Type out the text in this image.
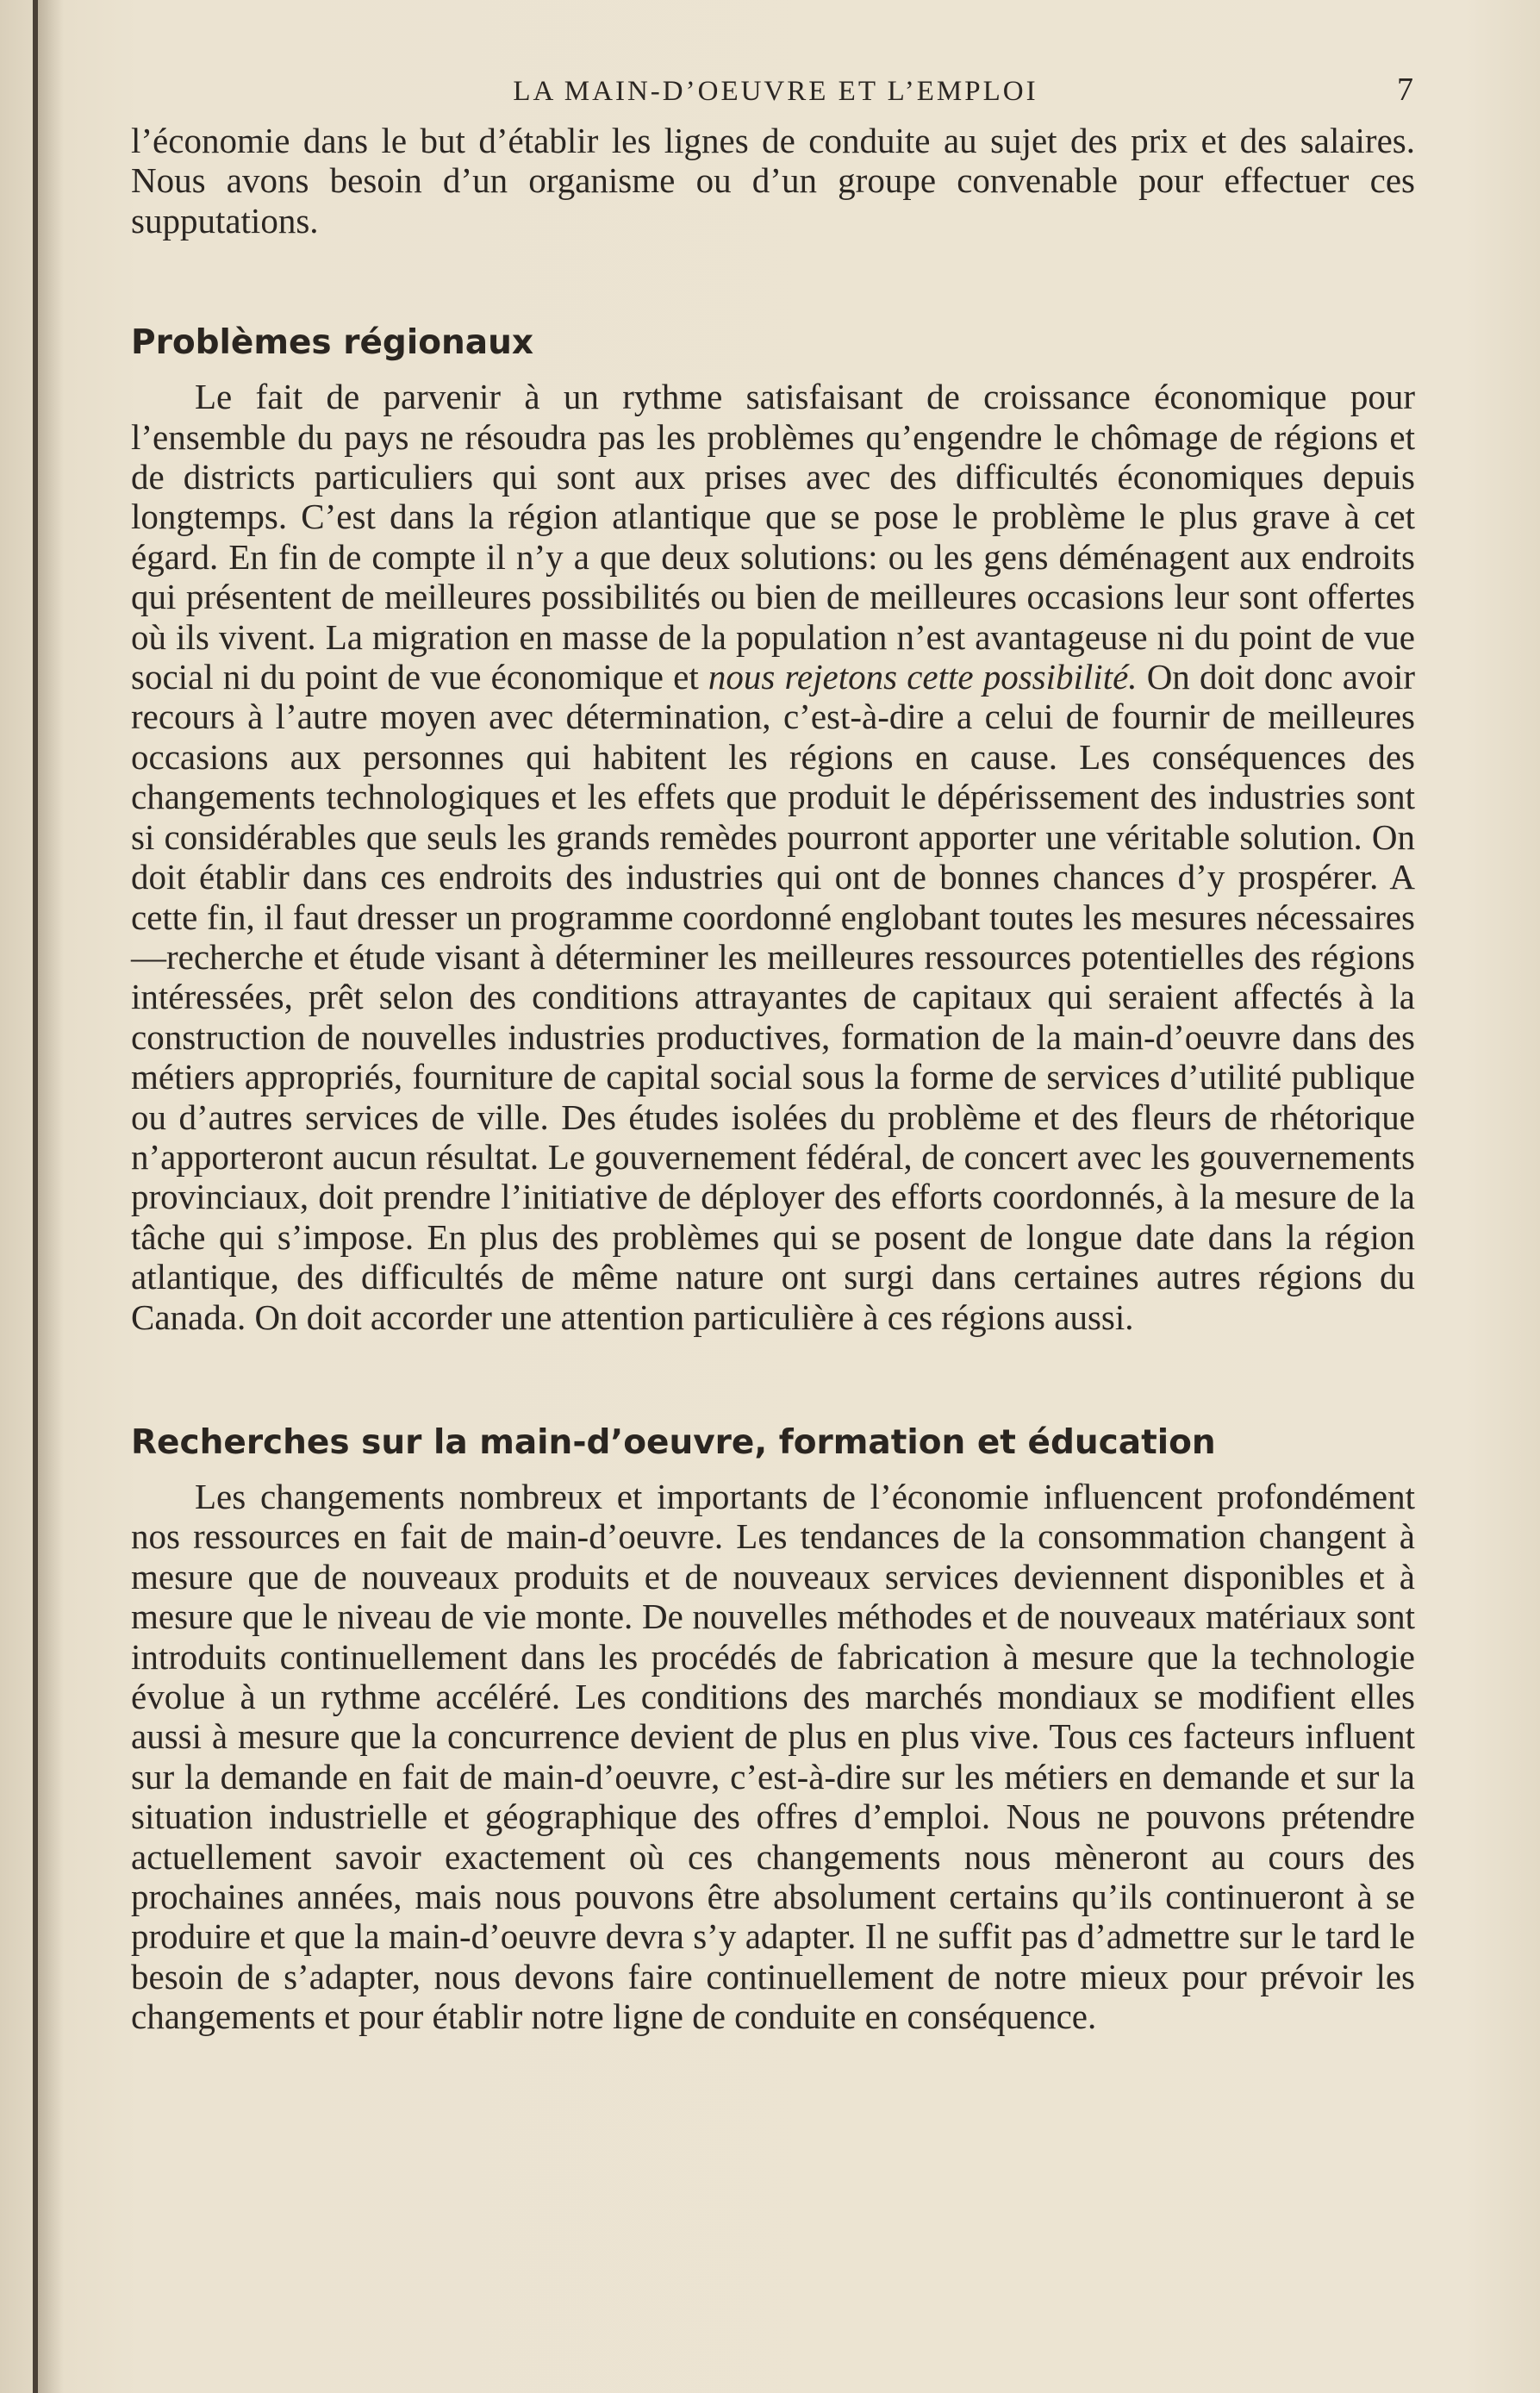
LA MAIN-D’OEUVRE ET L’EMPLOI	7

l’économie dans le but d’établir les lignes de conduite au sujet des prix et des salaires. Nous avons besoin d’un organisme ou d’un groupe convenable pour effectuer ces supputations.

Problèmes régionaux

Le fait de parvenir à un rythme satisfaisant de croissance économique pour l’ensemble du pays ne résoudra pas les problèmes qu’engendre le chômage de régions et de districts particuliers qui sont aux prises avec des difficultés économiques depuis longtemps. C’est dans la région atlantique que se pose le problème le plus grave à cet égard. En fin de compte il n’y a que deux solutions: ou les gens déménagent aux endroits qui présentent de meilleures possibilités ou bien de meilleures occasions leur sont offertes où ils vivent. La migration en masse de la population n’est avantageuse ni du point de vue social ni du point de vue économique et nous rejetons cette possibilité. On doit donc avoir recours à l’autre moyen avec détermination, c’est-à-dire a celui de fournir de meilleures occasions aux personnes qui habitent les régions en cause. Les conséquences des changements technologiques et les effets que produit le dépérissement des industries sont si considérables que seuls les grands remèdes pourront apporter une véritable solution. On doit établir dans ces endroits des industries qui ont de bonnes chances d’y prospérer. A cette fin, il faut dresser un programme coordonné englobant toutes les mesures nécessaires—recherche et étude visant à déterminer les meilleures ressources potentielles des régions intéressées, prêt selon des conditions attrayantes de capitaux qui seraient affectés à la construction de nouvelles industries productives, formation de la main-d’oeuvre dans des métiers appropriés, fourniture de capital social sous la forme de services d’utilité publique ou d’autres services de ville. Des études isolées du problème et des fleurs de rhétorique n’apporteront aucun résultat. Le gouvernement fédéral, de concert avec les gouvernements provinciaux, doit prendre l’initiative de déployer des efforts coordonnés, à la mesure de la tâche qui s’impose. En plus des problèmes qui se posent de longue date dans la région atlantique, des difficultés de même nature ont surgi dans certaines autres régions du Canada. On doit accorder une attention particulière à ces régions aussi.

Recherches sur la main-d’oeuvre, formation et éducation

Les changements nombreux et importants de l’économie influencent profondément nos ressources en fait de main-d’oeuvre. Les tendances de la consommation changent à mesure que de nouveaux produits et de nouveaux services deviennent disponibles et à mesure que le niveau de vie monte. De nouvelles méthodes et de nouveaux matériaux sont introduits continuellement dans les procédés de fabrication à mesure que la technologie évolue à un rythme accéléré. Les conditions des marchés mondiaux se modifient elles aussi à mesure que la concurrence devient de plus en plus vive. Tous ces facteurs influent sur la demande en fait de main-d’oeuvre, c’est-à-dire sur les métiers en demande et sur la situation industrielle et géographique des offres d’emploi. Nous ne pouvons prétendre actuellement savoir exactement où ces changements nous mèneront au cours des prochaines années, mais nous pouvons être absolument certains qu’ils continueront à se produire et que la main-d’oeuvre devra s’y adapter. Il ne suffit pas d’admettre sur le tard le besoin de s’adapter, nous devons faire continuellement de notre mieux pour prévoir les changements et pour établir notre ligne de conduite en conséquence.
